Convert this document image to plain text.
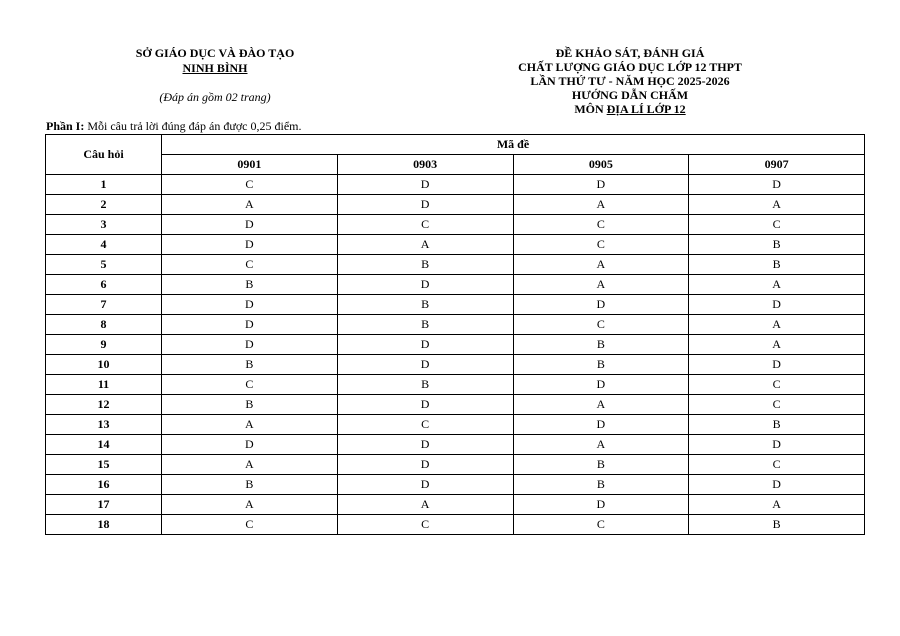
SỞ GIÁO DỤC VÀ ĐÀO TẠO
NINH BÌNH
(Đáp án gồm 02 trang)
ĐỀ KHẢO SÁT, ĐÁNH GIÁ
CHẤT LƯỢNG GIÁO DỤC LỚP 12 THPT
LẦN THỨ TƯ - NĂM HỌC 2025-2026
HƯỚNG DẪN CHẤM
MÔN ĐỊA LÍ LỚP 12
Phần I: Mỗi câu trả lời đúng đáp án được 0,25 điểm.
Câu hỏi	Mã đề			
	0901	0903	0905	0907
1	C	D	D	D
2	A	D	A	A
3	D	C	C	C
4	D	A	C	B
5	C	B	A	B
6	B	D	A	A
7	D	B	D	D
8	D	B	C	A
9	D	D	B	A
10	B	D	B	D
11	C	B	D	C
12	B	D	A	C
13	A	C	D	B
14	D	D	A	D
15	A	D	B	C
16	B	D	B	D
17	A	A	D	A
18	C	C	C	B
